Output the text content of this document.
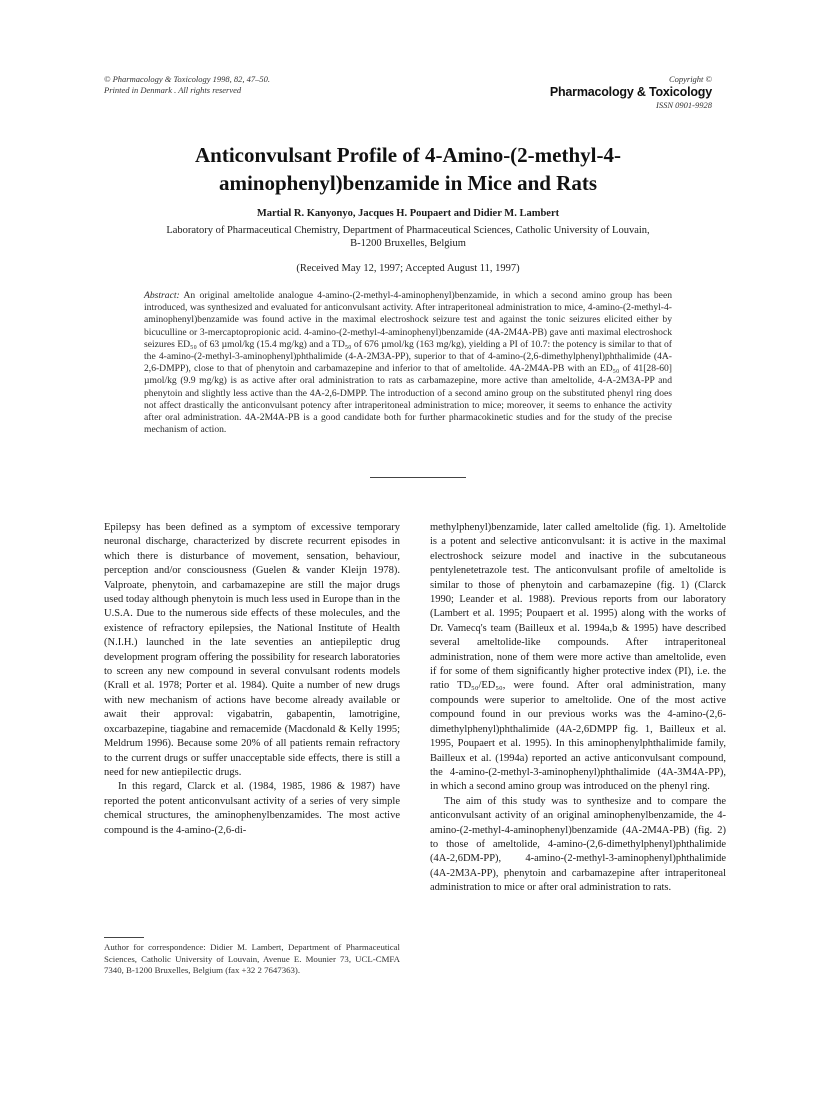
© Pharmacology & Toxicology 1998, 82, 47–50.
Printed in Denmark . All rights reserved
Copyright ©
Pharmacology & Toxicology
ISSN 0901-9928
Anticonvulsant Profile of 4-Amino-(2-methyl-4-aminophenyl)benzamide in Mice and Rats
Martial R. Kanyonyo, Jacques H. Poupaert and Didier M. Lambert
Laboratory of Pharmaceutical Chemistry, Department of Pharmaceutical Sciences, Catholic University of Louvain,
B-1200 Bruxelles, Belgium
(Received May 12, 1997; Accepted August 11, 1997)
Abstract: An original ameltolide analogue 4-amino-(2-methyl-4-aminophenyl)benzamide, in which a second amino group has been introduced, was synthesized and evaluated for anticonvulsant activity. After intraperitoneal administration to mice, 4-amino-(2-methyl-4-aminophenyl)benzamide was found active in the maximal electroshock seizure test and against the tonic seizures elicited either by bicuculline or 3-mercaptopropionic acid. 4-amino-(2-methyl-4-aminophenyl)benzamide (4A-2M4A-PB) gave anti maximal electroshock seizures ED₅₀ of 63 µmol/kg (15.4 mg/kg) and a TD₅₀ of 676 µmol/kg (163 mg/kg), yielding a PI of 10.7: the potency is similar to that of the 4-amino-(2-methyl-3-aminophenyl)phthalimide (4-A-2M3A-PP), superior to that of 4-amino-(2,6-dimethylphenyl)phthalimide (4A-2,6-DMPP), close to that of phenytoin and carbamazepine and inferior to that of ameltolide. 4A-2M4A-PB with an ED₅₀ of 41[28-60] µmol/kg (9.9 mg/kg) is as active after oral administration to rats as carbamazepine, more active than ameltolide, 4-A-2M3A-PP and phenytoin and slightly less active than the 4A-2,6-DMPP. The introduction of a second amino group on the substituted phenyl ring does not affect drastically the anticonvulsant potency after intraperitoneal administration to mice; moreover, it seems to enhance the activity after oral administration. 4A-2M4A-PB is a good candidate both for further pharmacokinetic studies and for the study of the precise mechanism of action.

Epilepsy has been defined as a symptom of excessive temporary neuronal discharge, characterized by discrete recurrent episodes in which there is disturbance of movement, sensation, behaviour, perception and/or consciousness (Guelen & vander Kleijn 1978). Valproate, phenytoin, and carbamazepine are still the major drugs used today although phenytoin is much less used in Europe than in the U.S.A. Due to the numerous side effects of these molecules, and the existence of refractory epilepsies, the National Institute of Health (N.I.H.) launched in the late seventies an antiepileptic drug development program offering the possibility for research laboratories to screen any new compound in several convulsant rodents models (Krall et al. 1978; Porter et al. 1984). Quite a number of new drugs with new mechanism of actions have become already available or await their approval: vigabatrin, gabapentin, lamotrigine, oxcarbazepine, tiagabine and remacemide (Macdonald & Kelly 1995; Meldrum 1996). Because some 20% of all patients remain refractory to the current drugs or suffer unacceptable side effects, there is still a need for new antiepilectic drugs.

In this regard, Clarck et al. (1984, 1985, 1986 & 1987) have reported the potent anticonvulsant activity of a series of very simple chemical structures, the aminophenylbenzamides. The most active compound is the 4-amino-(2,6-di-

methylphenyl)benzamide, later called ameltolide (fig. 1). Ameltolide is a potent and selective anticonvulsant: it is active in the maximal electroshock seizure model and inactive in the subcutaneous pentylenetetrazole test. The anticonvulsant profile of ameltolide is similar to those of phenytoin and carbamazepine (fig. 1) (Clarck 1990; Leander et al. 1988). Previous reports from our laboratory (Lambert et al. 1995; Poupaert et al. 1995) along with the works of Dr. Vamecq's team (Bailleux et al. 1994a,b & 1995) have described several ameltolide-like compounds. After intraperitoneal administration, none of them were more active than ameltolide, even if for some of them significantly higher protective index (PI), i.e. the ratio TD₅₀/ED₅₀, were found. After oral administration, many compounds were superior to ameltolide. One of the most active compound found in our previous works was the 4-amino-(2,6-dimethylphenyl)phthalimide (4A-2,6DMPP fig. 1, Bailleux et al. 1995, Poupaert et al. 1995). In this aminophenylphthalimide family, Bailleux et al. (1994a) reported an active anticonvulsant compound, the 4-amino-(2-methyl-3-aminophenyl)phthalimide (4A-3M4A-PP), in which a second amino group was introduced on the phenyl ring.

The aim of this study was to synthesize and to compare the anticonvulsant activity of an original aminophenylbenzamide, the 4-amino-(2-methyl-4-aminophenyl)benzamide (4A-2M4A-PB) (fig. 2) to those of ameltolide, 4-amino-(2,6-dimethylphenyl)phthalimide (4A-2,6DM-PP), 4-amino-(2-methyl-3-aminophenyl)phthalimide (4A-2M3A-PP), phenytoin and carbamazepine after intraperitoneal administration to mice or after oral administration to rats.

Author for correspondence: Didier M. Lambert, Department of Pharmaceutical Sciences, Catholic University of Louvain, Avenue E. Mounier 73, UCL-CMFA 7340, B-1200 Bruxelles, Belgium (fax +32 2 7647363).
